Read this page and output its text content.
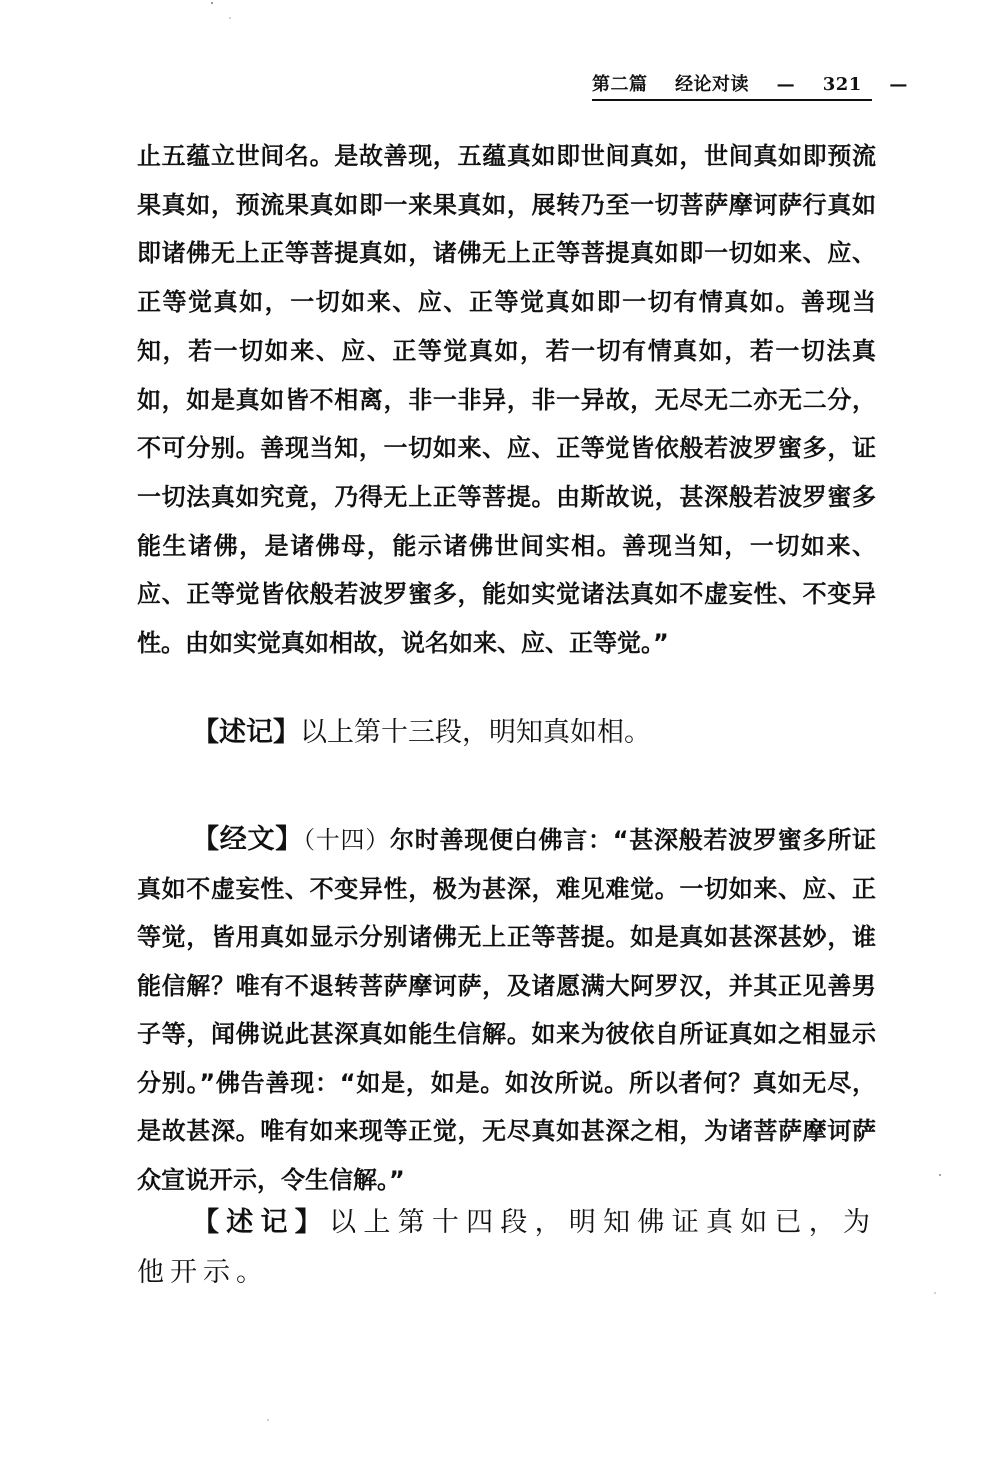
第二篇 经论对读 — 321 —

止五蕴立世间名。是故善现，五蕴真如即世间真如，世间真如即预流果真如，预流果真如即一来果真如，展转乃至一切菩萨摩诃萨行真如即诸佛无上正等菩提真如，诸佛无上正等菩提真如即一切如来、应、正等觉真如，一切如来、应、正等觉真如即一切有情真如。善现当知，若一切如来、应、正等觉真如，若一切有情真如，若一切法真如，如是真如皆不相离，非一非异，非一异故，无尽无二亦无二分，不可分别。善现当知，一切如来、应、正等觉皆依般若波罗蜜多，证一切法真如究竟，乃得无上正等菩提。由斯故说，甚深般若波罗蜜多能生诸佛，是诸佛母，能示诸佛世间实相。善现当知，一切如来、应、正等觉皆依般若波罗蜜多，能如实觉诸法真如不虚妄性、不变异性。由如实觉真如相故，说名如来、应、正等觉。”

【述记】以上第十三段，明知真如相。

【经文】（十四）尔时善现便白佛言：“甚深般若波罗蜜多所证真如不虚妄性、不变异性，极为甚深，难见难觉。一切如来、应、正等觉，皆用真如显示分别诸佛无上正等菩提。如是真如甚深甚妙，谁能信解？唯有不退转菩萨摩诃萨，及诸愿满大阿罗汉，并其正见善男子等，闻佛说此甚深真如能生信解。如来为彼依自所证真如之相显示分别。”佛告善现：“如是，如是。如汝所说。所以者何？真如无尽，是故甚深。唯有如来现等正觉，无尽真如甚深之相，为诸菩萨摩诃萨众宣说开示，令生信解。”

【述记】以上第十四段，明知佛证真如已，为他开示。
